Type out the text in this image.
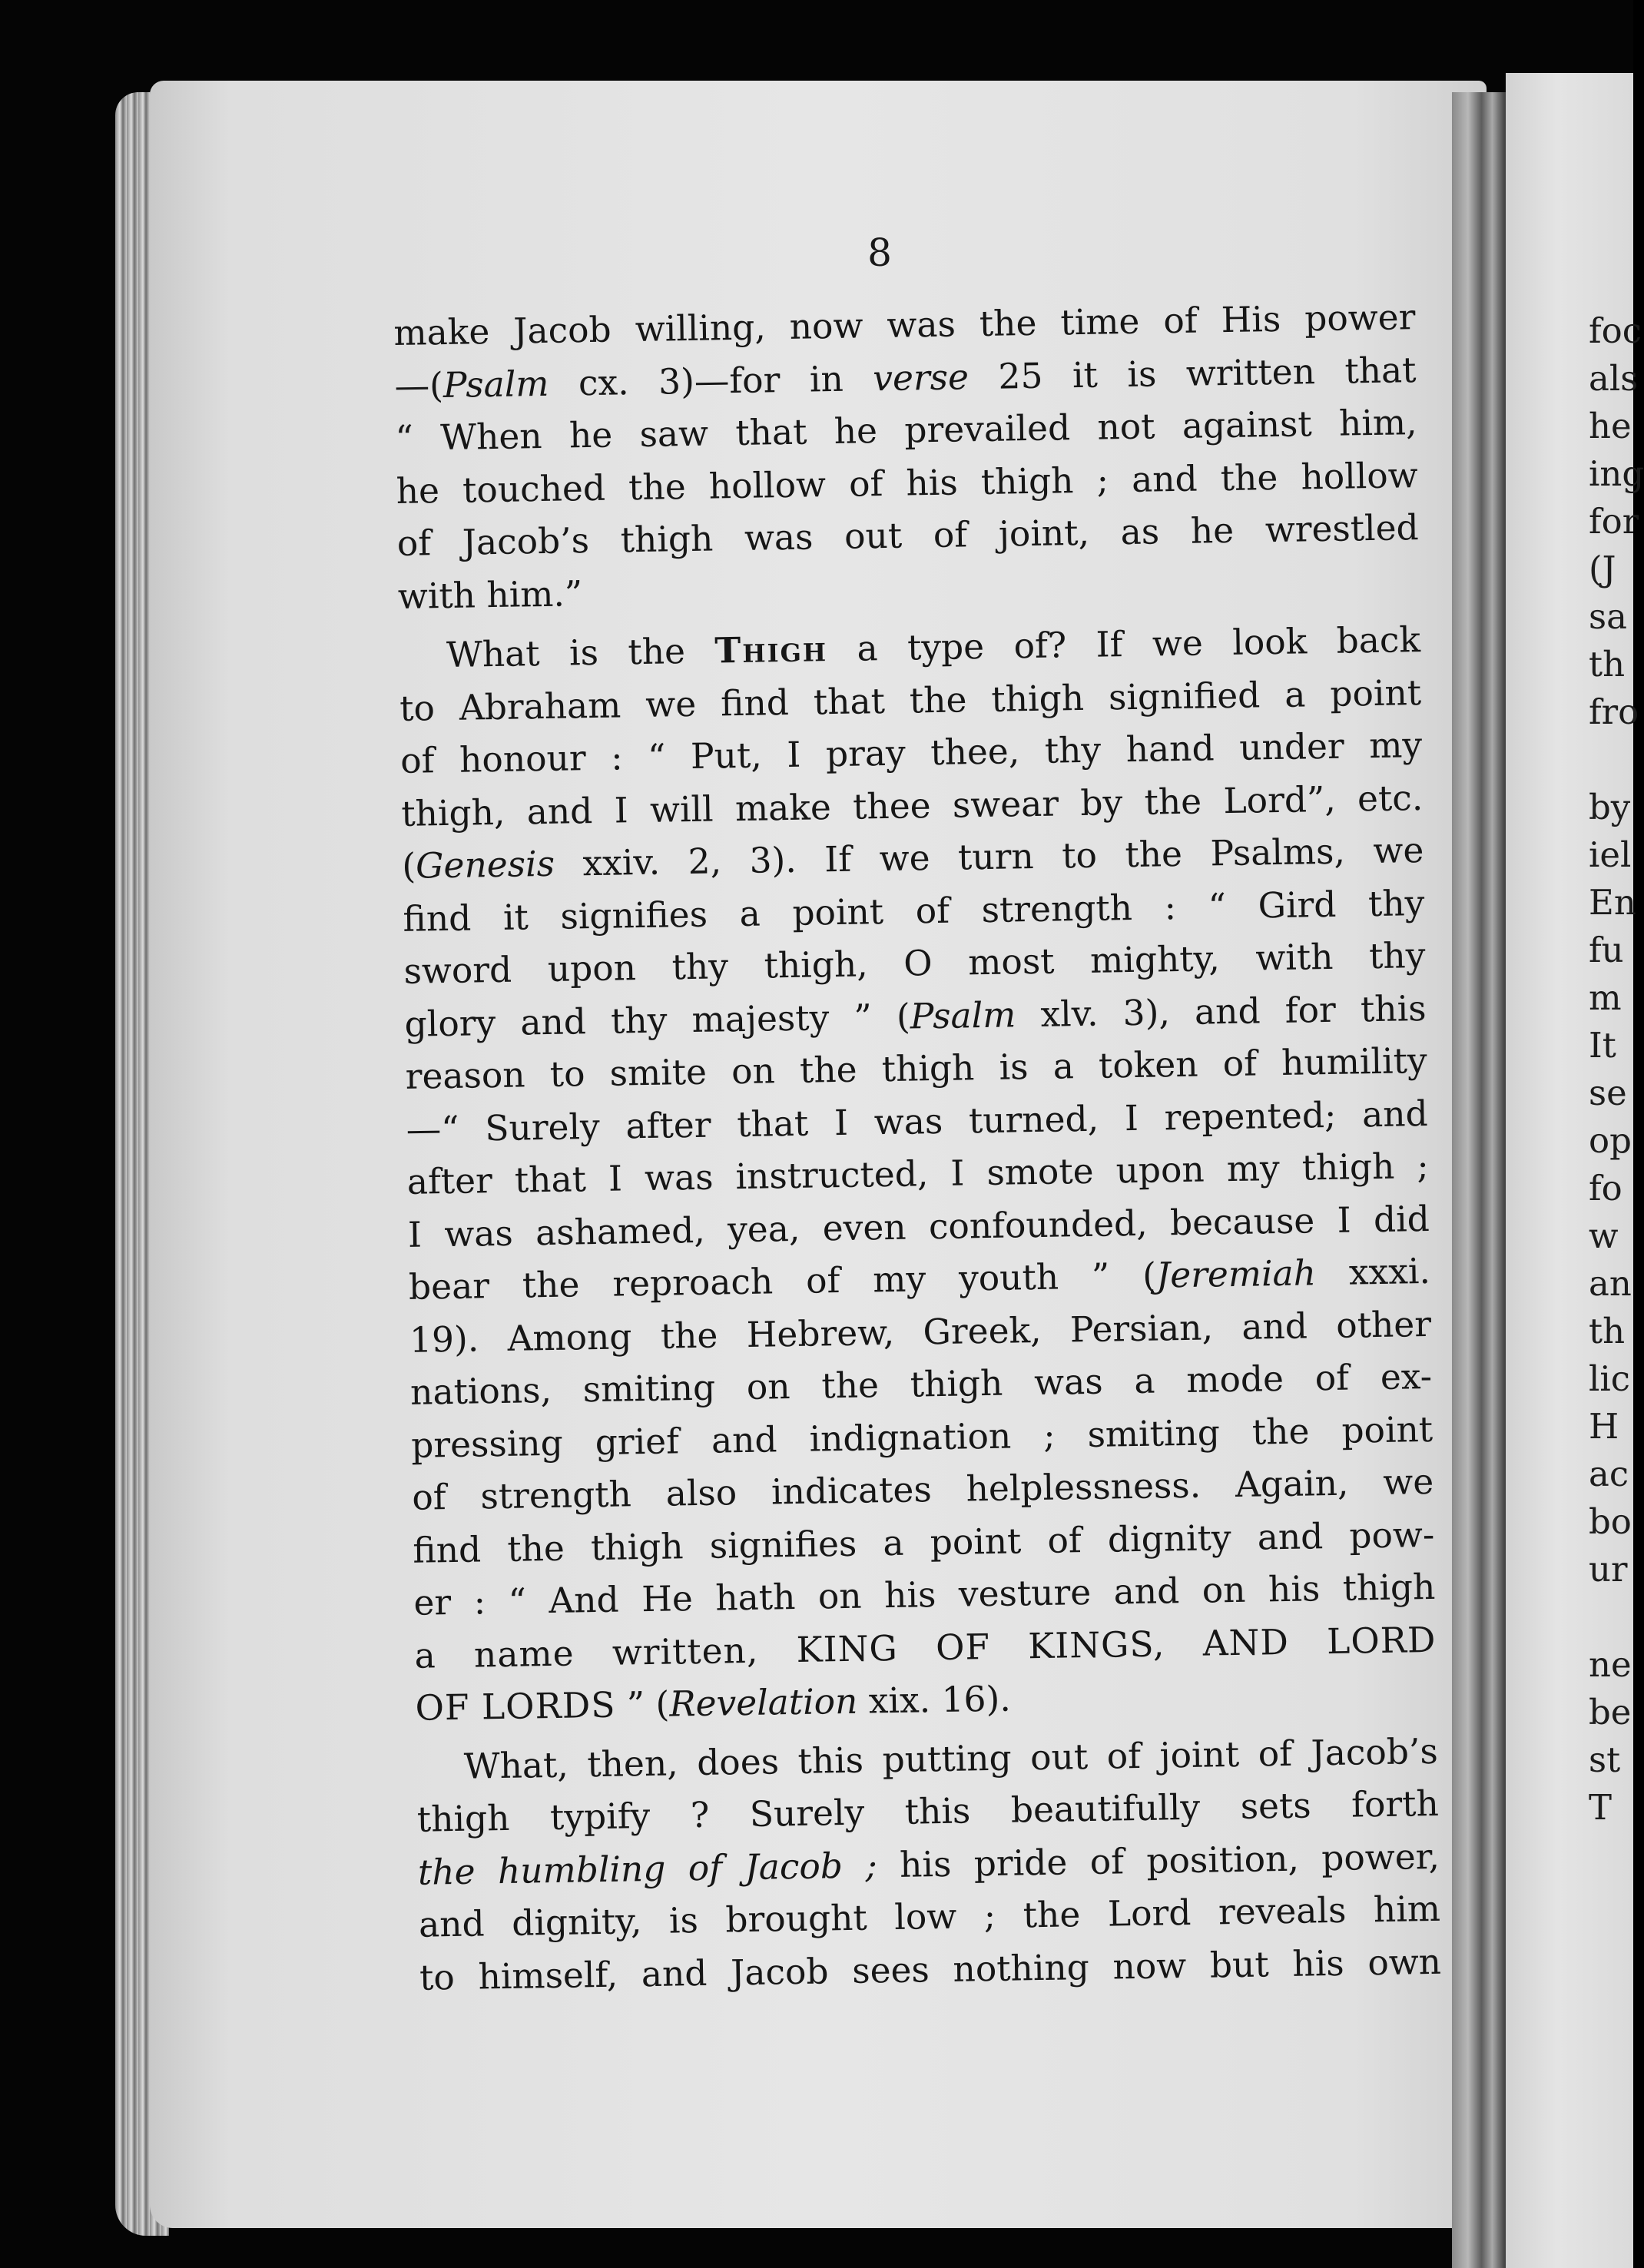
8
make Jacob willing, now was the time of His power
—(Psalm cx. 3)—for in verse 25 it is written that
“ When he saw that he prevailed not against him,
he touched the hollow of his thigh ; and the hollow
of Jacob’s thigh was out of joint, as he wrestled
with him.”
What is the Thigh a type of? If we look back
to Abraham we find that the thigh signified a point
of honour : “ Put, I pray thee, thy hand under my
thigh, and I will make thee swear by the Lord”, etc.
(Genesis xxiv. 2, 3). If we turn to the Psalms, we
find it signifies a point of strength : “ Gird thy
sword upon thy thigh, O most mighty, with thy
glory and thy majesty ” (Psalm xlv. 3), and for this
reason to smite on the thigh is a token of humility
—“ Surely after that I was turned, I repented; and
after that I was instructed, I smote upon my thigh ;
I was ashamed, yea, even confounded, because I did
bear the reproach of my youth ” (Jeremiah xxxi.
19). Among the Hebrew, Greek, Persian, and other
nations, smiting on the thigh was a mode of ex-
pressing grief and indignation ; smiting the point
of strength also indicates helplessness. Again, we
find the thigh signifies a point of dignity and pow-
er : “ And He hath on his vesture and on his thigh
a name written, KING OF KINGS, AND LORD
OF LORDS ” (Revelation xix. 16).
What, then, does this putting out of joint of Jacob’s
thigh typify ? Surely this beautifully sets forth
the humbling of Jacob ; his pride of position, power,
and dignity, is brought low ; the Lord reveals him
to himself, and Jacob sees nothing now but his own
foc
als
he
ing
for
(J
sa
th
fro
by
iel
En
fu
m
It
se
op
fo
w
an
th
lic
H
ac
bo
ur
ne
be
st
T
